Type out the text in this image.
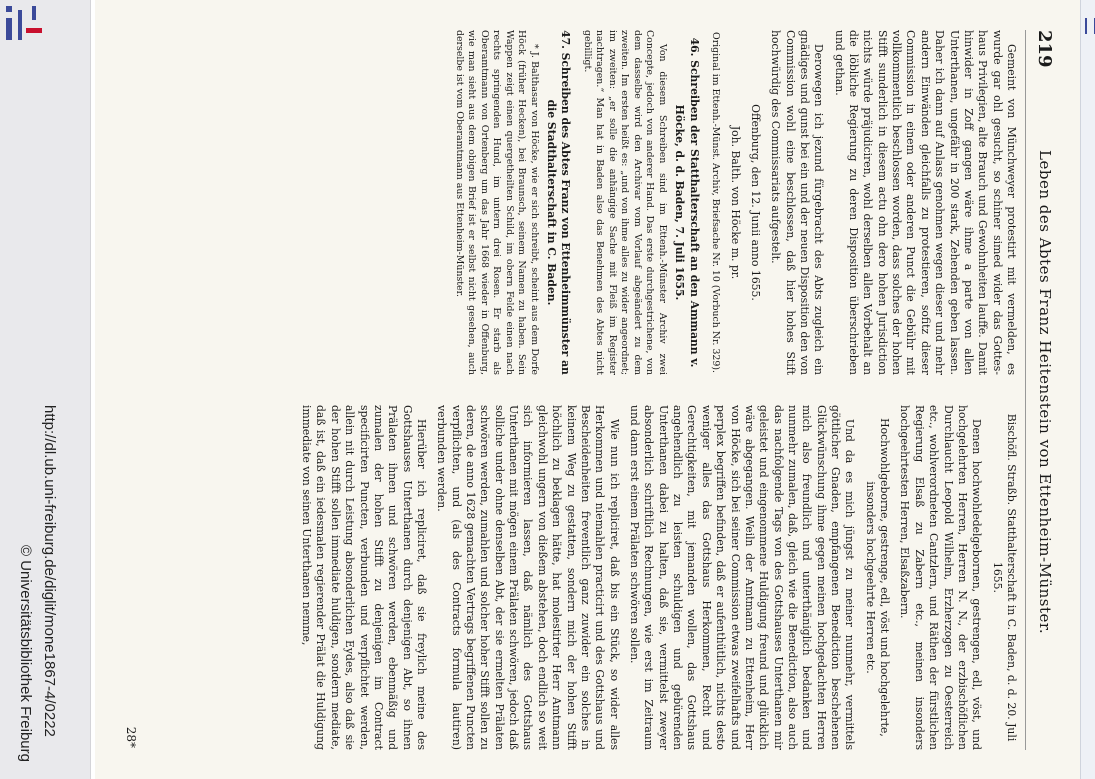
http://dl.ub.uni-freiburg.de/diglit/mone1867-4/0222
© Universitätsbibliothek Freiburg
219
Leben des Abtes Franz Heitenstein von Ettenheim-Münster.

Gemeint von Münchweyer protestirt mit vermelden, es wurde gar ohl gesucht, so schiner simed wider das Gottes-haus Privilegien, alte Brauch und Gewohnheiten lauffe. Damit hinwider in Zoff gangen wäre ihme a parte von allen Unterthanen, ungefähr in 200 stark, Zehenden geben lassen. Daher ich dann auf Anlass genohmen wegen dieser und mehr andern Einwänden gleichfalls zu protestieren, sofitz dieser Commission in einem oder anderen Punct die Gebühr mit vollkommentlich beschlossen worden, dass solches der hohen Stifft sunderlich in diesem actu ohn dero hohen Jurisdiction nichts würde präjudiciren, wohl derselben allen Vorbehalt an die löbliche Regierung zu deren Disposition überschrieben und gethan.

Derowegen ich jezund fürgebracht des Abts zugleich ein gnädiges und gunst bei ein und der neuen Disposition den von Commission wohl eine beschlossen, daß hier hohes Stift hochwürdig des Commissariats aufgestelt.

Offenburg, den 12. Junii anno 1655.

Joh. Balth. von Höcke m. pr.

Original im Ettenh.-Münst. Archiv, Briefsache Nr. 10 (Vorbuch Nr. 329).

46. Schreiben der Statthalterschaft an den Ammann v. Höcke, d. d. Baden, 7. Juli 1655.

Von diesem Schreiben sind im Ettenh.-Münster Archiv zwei Concepte, jedoch von anderer Hand. Das erste durchgestrichene, von dem dasselbe wird den Archivar vom Vorlauf abgeändert zu dem zweiten. Im ersten heißt es: „und von ihme alles zu wider angeordnet; im zweiten: „er solle die anhängige Sache mit Fleiß im Register nachtragen.“ Man hat in Baden also das Benehmen des Abtes nicht gebilligt.

47. Schreiben des Abtes Franz von Ettenheimmünster an die Stadthalterschaft in C. Baden.

* J. Balthasar von Höcke, wie er sich schreibt, scheint aus dem Dorfe Höck (früher Hecken), bei Braunsch, seinem Namen zu haben. Sein Wappen zeigt einen quergetheilten Schild, im obern Felde einen nach rechts springenden Hund, im untern drei Rosen. Er starb als Oberamtmann von Ortenberg um das Jahr 1668 wieder in Offenburg, wie man sieht aus dem obigen Brief ist er selbst nicht gesehen, auch derselbe ist vom Oberamtmann aus Ettenheim-Münster.

Bischöfl. Straßb. Statthalterschaft in C. Baden, d. d. 20. Juli 1655.

Denen hochwohledelgebornen, gestrengen, edl, vöst, und hochgelehrten Herren, Herren N. N., der erzbischöflichen Durchlaucht Leopold Wilhelm, Erzherzogen zu Oesterreich etc., wohlverordneten Cantzlern, und Räthen der fürstlichen Regierung Elsaß zu Zabern etc., meinen insonders hochgeehrtesten Herren, Elsaßzabern.

Hochwohlgeborne, gestrenge, edl, vöst und hochgelehrte, insonders hochgeehrte Herren etc.

Und da es mich jüngst zu meiner nunmehr, vermittels göttlicher Gnaden, empfangenen Benediction beschehenen Glückwünschung ihme gegen meinen hochgedachten Herren mich also freundlich und unterthäniglich bedanken und nunmehr zumalen, daß, gleich wie die Benediction, also auch das nachfolgende Tags von des Gottshauses Unterthanen mir geleistet und eingenommene Huldigung freund und glücklich wäre abgegangen. Weiln der Amtmann zu Ettenheim, Herr von Höcke, sich bei seiner Commission etwas zweifelhafts und perplex begriffen befinden, daß er aufenthütlich, nichts desto weniger alles das Gottshaus Herkommen, Recht und Gerechtigkeiten, mit jemanden wollen, das Gottshaus angehendlich zu leisten schuldigen und gebürenden Unterthanen dabei zu halten, daß sie, vermittelst zweyer absonderlich schriftlich Rechnungen, wie erst im Zeitraum und dann erst einem Prälaten schwören sollen.

Wie nun ich repliciret, daß bis ein Stück, so wider alles Herkommen und niemahlen practicirt und des Gottshaus und Bescheidenheiten freventlich ganz zuwider ein solches in keinem Weg zu gestatten, sondern mich der hohen Stifft höchlich zu beklagen hätte, hat molestirter Herr Amtmann gleichwohl ungern von dießem abstehen, doch endlich so weit sich informieren lassen, daß nämlich des Gottshaus Unterthanen mit mögen einem Prälaten schwören, jedoch daß solliche under ohne denselben Abt, der sie ermelten Prälaten schwören werden, zumahlen und solcher hoher Stifft sollen zu deren, de anno 1628 gemachten Vertrags begriffenen Puncten verpflichten, und (als des Contracts formula lautiren) verbunden werden.

Hierüber ich repliciret, daß sie freylich meine des Gottshauses Unterthanen durch denjenigen Abt, so ihnen Prälaten ihnen und schwören werden, ebenmäßig und zumalen der hohen Stifft zu denjenigen im Contract specificirten Puncten, verbunden und verpflichtet werden, allein nit durch Leistung absonderlichen Eydes, also daß sie der hohen Stifft sollen immediate huldigen, sondern mediate, daß ist, daß ein iedesmalen regierender Prälat die Huldigung immediate von seinen Unterthanen nemme,

28*
